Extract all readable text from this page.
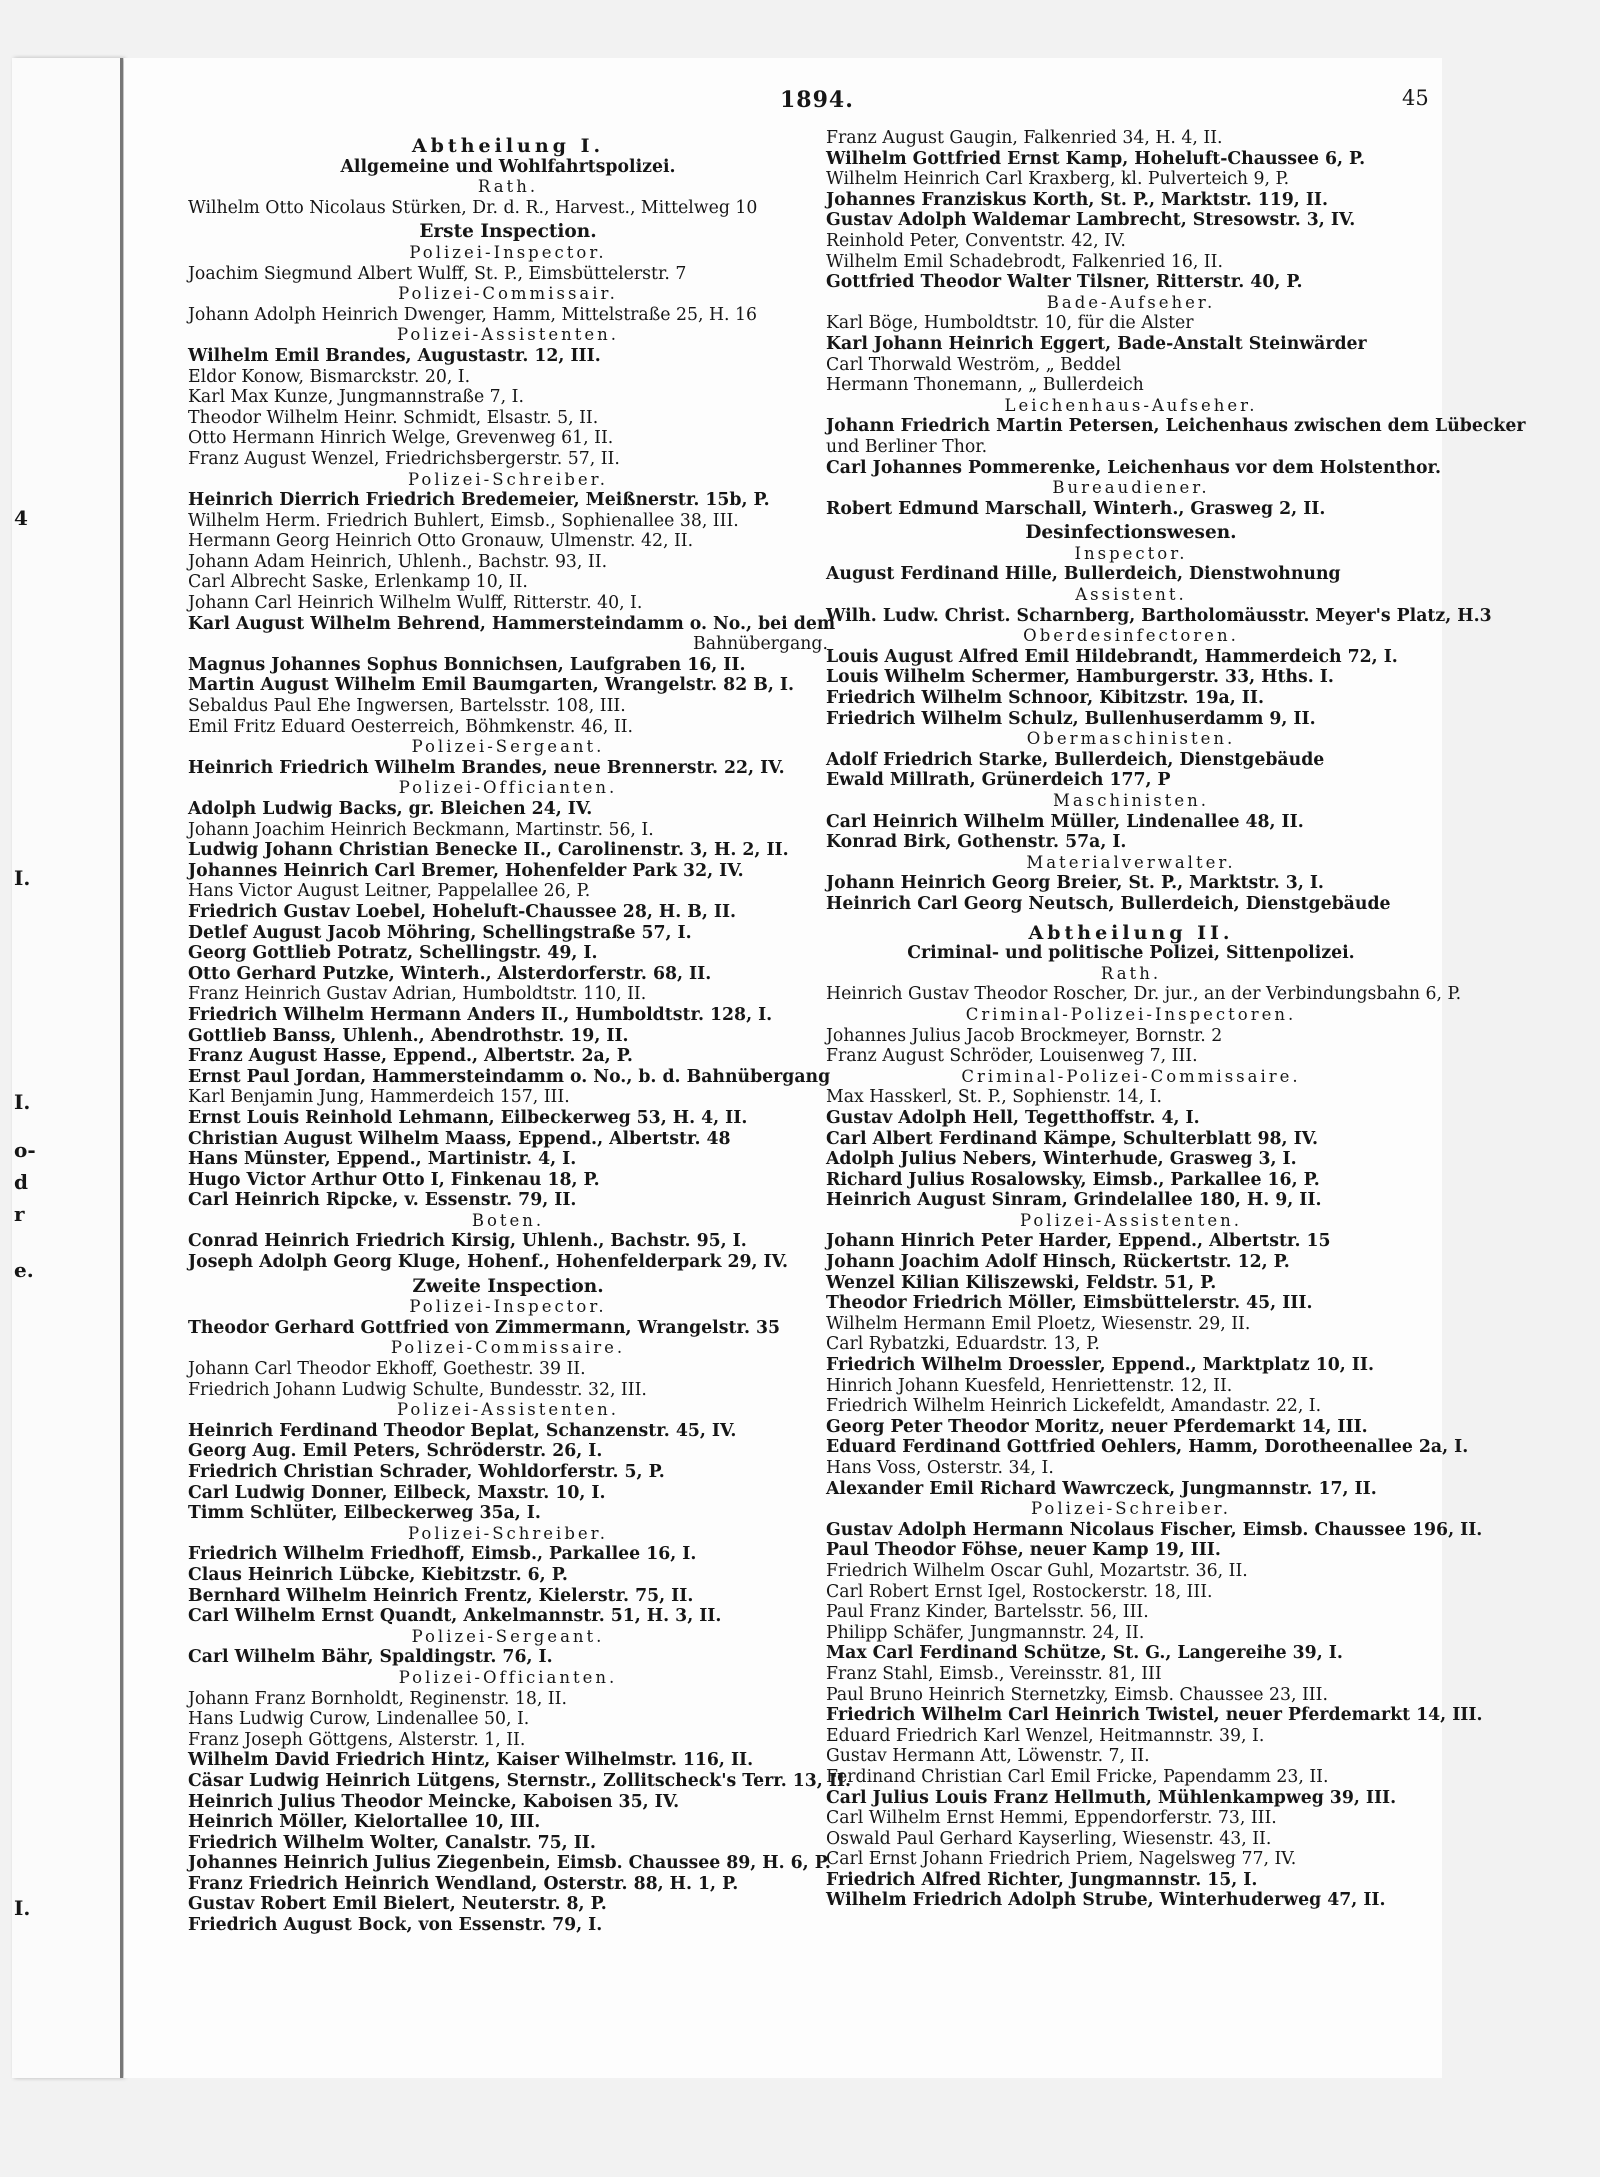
4
I.
I.
o-
d
r
e.
I.
1894.	45
Abtheilung I.
Allgemeine und Wohlfahrtspolizei.
Rath.
Wilhelm Otto Nicolaus Stürken, Dr. d. R., Harvest., Mittelweg 10
Erste Inspection.
Polizei-Inspector.
Joachim Siegmund Albert Wulff, St. P., Eimsbüttelerstr. 7
Polizei-Commissair.
Johann Adolph Heinrich Dwenger, Hamm, Mittelstraße 25, H. 16
Polizei-Assistenten.
Wilhelm Emil Brandes, Augustastr. 12, III.
Eldor Konow, Bismarckstr. 20, I.
Karl Max Kunze, Jungmannstraße 7, I.
Theodor Wilhelm Heinr. Schmidt, Elsastr. 5, II.
Otto Hermann Hinrich Welge, Grevenweg 61, II.
Franz August Wenzel, Friedrichsbergerstr. 57, II.
Polizei-Schreiber.
Heinrich Dierrich Friedrich Bredemeier, Meißnerstr. 15b, P.
Wilhelm Herm. Friedrich Buhlert, Eimsb., Sophienallee 38, III.
Hermann Georg Heinrich Otto Gronauw, Ulmenstr. 42, II.
Johann Adam Heinrich, Uhlenh., Bachstr. 93, II.
Carl Albrecht Saske, Erlenkamp 10, II.
Johann Carl Heinrich Wilhelm Wulff, Ritterstr. 40, I.
Karl August Wilhelm Behrend, Hammersteindamm o. No., bei dem
Bahnübergang.
Magnus Johannes Sophus Bonnichsen, Laufgraben 16, II.
Martin August Wilhelm Emil Baumgarten, Wrangelstr. 82 B, I.
Sebaldus Paul Ehe Ingwersen, Bartelsstr. 108, III.
Emil Fritz Eduard Oesterreich, Böhmkenstr. 46, II.
Polizei-Sergeant.
Heinrich Friedrich Wilhelm Brandes, neue Brennerstr. 22, IV.
Polizei-Officianten.
Adolph Ludwig Backs, gr. Bleichen 24, IV.
Johann Joachim Heinrich Beckmann, Martinstr. 56, I.
Ludwig Johann Christian Benecke II., Carolinenstr. 3, H. 2, II.
Johannes Heinrich Carl Bremer, Hohenfelder Park 32, IV.
Hans Victor August Leitner, Pappelallee 26, P.
Friedrich Gustav Loebel, Hoheluft-Chaussee 28, H. B, II.
Detlef August Jacob Möhring, Schellingstraße 57, I.
Georg Gottlieb Potratz, Schellingstr. 49, I.
Otto Gerhard Putzke, Winterh., Alsterdorferstr. 68, II.
Franz Heinrich Gustav Adrian, Humboldtstr. 110, II.
Friedrich Wilhelm Hermann Anders II., Humboldtstr. 128, I.
Gottlieb Banss, Uhlenh., Abendrothstr. 19, II.
Franz August Hasse, Eppend., Albertstr. 2a, P.
Ernst Paul Jordan, Hammersteindamm o. No., b. d. Bahnübergang
Karl Benjamin Jung, Hammerdeich 157, III.
Ernst Louis Reinhold Lehmann, Eilbeckerweg 53, H. 4, II.
Christian August Wilhelm Maass, Eppend., Albertstr. 48
Hans Münster, Eppend., Martinistr. 4, I.
Hugo Victor Arthur Otto I, Finkenau 18, P.
Carl Heinrich Ripcke, v. Essenstr. 79, II.
Boten.
Conrad Heinrich Friedrich Kirsig, Uhlenh., Bachstr. 95, I.
Joseph Adolph Georg Kluge, Hohenf., Hohenfelderpark 29, IV.
Zweite Inspection.
Polizei-Inspector.
Theodor Gerhard Gottfried von Zimmermann, Wrangelstr. 35
Polizei-Commissaire.
Johann Carl Theodor Ekhoff, Goethestr. 39 II.
Friedrich Johann Ludwig Schulte, Bundesstr. 32, III.
Polizei-Assistenten.
Heinrich Ferdinand Theodor Beplat, Schanzenstr. 45, IV.
Georg Aug. Emil Peters, Schröderstr. 26, I.
Friedrich Christian Schrader, Wohldorferstr. 5, P.
Carl Ludwig Donner, Eilbeck, Maxstr. 10, I.
Timm Schlüter, Eilbeckerweg 35a, I.
Polizei-Schreiber.
Friedrich Wilhelm Friedhoff, Eimsb., Parkallee 16, I.
Claus Heinrich Lübcke, Kiebitzstr. 6, P.
Bernhard Wilhelm Heinrich Frentz, Kielerstr. 75, II.
Carl Wilhelm Ernst Quandt, Ankelmannstr. 51, H. 3, II.
Polizei-Sergeant.
Carl Wilhelm Bähr, Spaldingstr. 76, I.
Polizei-Officianten.
Johann Franz Bornholdt, Reginenstr. 18, II.
Hans Ludwig Curow, Lindenallee 50, I.
Franz Joseph Göttgens, Alsterstr. 1, II.
Wilhelm David Friedrich Hintz, Kaiser Wilhelmstr. 116, II.
Cäsar Ludwig Heinrich Lütgens, Sternstr., Zollitscheck's Terr. 13, II.
Heinrich Julius Theodor Meincke, Kaboisen 35, IV.
Heinrich Möller, Kielortallee 10, III.
Friedrich Wilhelm Wolter, Canalstr. 75, II.
Johannes Heinrich Julius Ziegenbein, Eimsb. Chaussee 89, H. 6, P.
Franz Friedrich Heinrich Wendland, Osterstr. 88, H. 1, P.
Gustav Robert Emil Bielert, Neuterstr. 8, P.
Friedrich August Bock, von Essenstr. 79, I.
Franz August Gaugin, Falkenried 34, H. 4, II.
Wilhelm Gottfried Ernst Kamp, Hoheluft-Chaussee 6, P.
Wilhelm Heinrich Carl Kraxberg, kl. Pulverteich 9, P.
Johannes Franziskus Korth, St. P., Marktstr. 119, II.
Gustav Adolph Waldemar Lambrecht, Stresowstr. 3, IV.
Reinhold Peter, Conventstr. 42, IV.
Wilhelm Emil Schadebrodt, Falkenried 16, II.
Gottfried Theodor Walter Tilsner, Ritterstr. 40, P.
Bade-Aufseher.
Karl Böge, Humboldtstr. 10, für die Alster
Karl Johann Heinrich Eggert, Bade-Anstalt Steinwärder
Carl Thorwald Weström, „ Beddel
Hermann Thonemann, „ Bullerdeich
Leichenhaus-Aufseher.
Johann Friedrich Martin Petersen, Leichenhaus zwischen dem Lübecker
und Berliner Thor.
Carl Johannes Pommerenke, Leichenhaus vor dem Holstenthor.
Bureaudiener.
Robert Edmund Marschall, Winterh., Grasweg 2, II.
Desinfectionswesen.
Inspector.
August Ferdinand Hille, Bullerdeich, Dienstwohnung
Assistent.
Wilh. Ludw. Christ. Scharnberg, Bartholomäusstr. Meyer's Platz, H.3
Oberdesinfectoren.
Louis August Alfred Emil Hildebrandt, Hammerdeich 72, I.
Louis Wilhelm Schermer, Hamburgerstr. 33, Hths. I.
Friedrich Wilhelm Schnoor, Kibitzstr. 19a, II.
Friedrich Wilhelm Schulz, Bullenhuserdamm 9, II.
Obermaschinisten.
Adolf Friedrich Starke, Bullerdeich, Dienstgebäude
Ewald Millrath, Grünerdeich 177, P
Maschinisten.
Carl Heinrich Wilhelm Müller, Lindenallee 48, II.
Konrad Birk, Gothenstr. 57a, I.
Materialverwalter.
Johann Heinrich Georg Breier, St. P., Marktstr. 3, I.
Heinrich Carl Georg Neutsch, Bullerdeich, Dienstgebäude
Abtheilung II.
Criminal- und politische Polizei, Sittenpolizei.
Rath.
Heinrich Gustav Theodor Roscher, Dr. jur., an der Verbindungsbahn 6, P.
Criminal-Polizei-Inspectoren.
Johannes Julius Jacob Brockmeyer, Bornstr. 2
Franz August Schröder, Louisenweg 7, III.
Criminal-Polizei-Commissaire.
Max Hasskerl, St. P., Sophienstr. 14, I.
Gustav Adolph Hell, Tegetthoffstr. 4, I.
Carl Albert Ferdinand Kämpe, Schulterblatt 98, IV.
Adolph Julius Nebers, Winterhude, Grasweg 3, I.
Richard Julius Rosalowsky, Eimsb., Parkallee 16, P.
Heinrich August Sinram, Grindelallee 180, H. 9, II.
Polizei-Assistenten.
Johann Hinrich Peter Harder, Eppend., Albertstr. 15
Johann Joachim Adolf Hinsch, Rückertstr. 12, P.
Wenzel Kilian Kiliszewski, Feldstr. 51, P.
Theodor Friedrich Möller, Eimsbüttelerstr. 45, III.
Wilhelm Hermann Emil Ploetz, Wiesenstr. 29, II.
Carl Rybatzki, Eduardstr. 13, P.
Friedrich Wilhelm Droessler, Eppend., Marktplatz 10, II.
Hinrich Johann Kuesfeld, Henriettenstr. 12, II.
Friedrich Wilhelm Heinrich Lickefeldt, Amandastr. 22, I.
Georg Peter Theodor Moritz, neuer Pferdemarkt 14, III.
Eduard Ferdinand Gottfried Oehlers, Hamm, Dorotheenallee 2a, I.
Hans Voss, Osterstr. 34, I.
Alexander Emil Richard Wawrczeck, Jungmannstr. 17, II.
Polizei-Schreiber.
Gustav Adolph Hermann Nicolaus Fischer, Eimsb. Chaussee 196, II.
Paul Theodor Föhse, neuer Kamp 19, III.
Friedrich Wilhelm Oscar Guhl, Mozartstr. 36, II.
Carl Robert Ernst Igel, Rostockerstr. 18, III.
Paul Franz Kinder, Bartelsstr. 56, III.
Philipp Schäfer, Jungmannstr. 24, II.
Max Carl Ferdinand Schütze, St. G., Langereihe 39, I.
Franz Stahl, Eimsb., Vereinsstr. 81, III
Paul Bruno Heinrich Sternetzky, Eimsb. Chaussee 23, III.
Friedrich Wilhelm Carl Heinrich Twistel, neuer Pferdemarkt 14, III.
Eduard Friedrich Karl Wenzel, Heitmannstr. 39, I.
Gustav Hermann Att, Löwenstr. 7, II.
Ferdinand Christian Carl Emil Fricke, Papendamm 23, II.
Carl Julius Louis Franz Hellmuth, Mühlenkampweg 39, III.
Carl Wilhelm Ernst Hemmi, Eppendorferstr. 73, III.
Oswald Paul Gerhard Kayserling, Wiesenstr. 43, II.
Carl Ernst Johann Friedrich Priem, Nagelsweg 77, IV.
Friedrich Alfred Richter, Jungmannstr. 15, I.
Wilhelm Friedrich Adolph Strube, Winterhuderweg 47, II.
